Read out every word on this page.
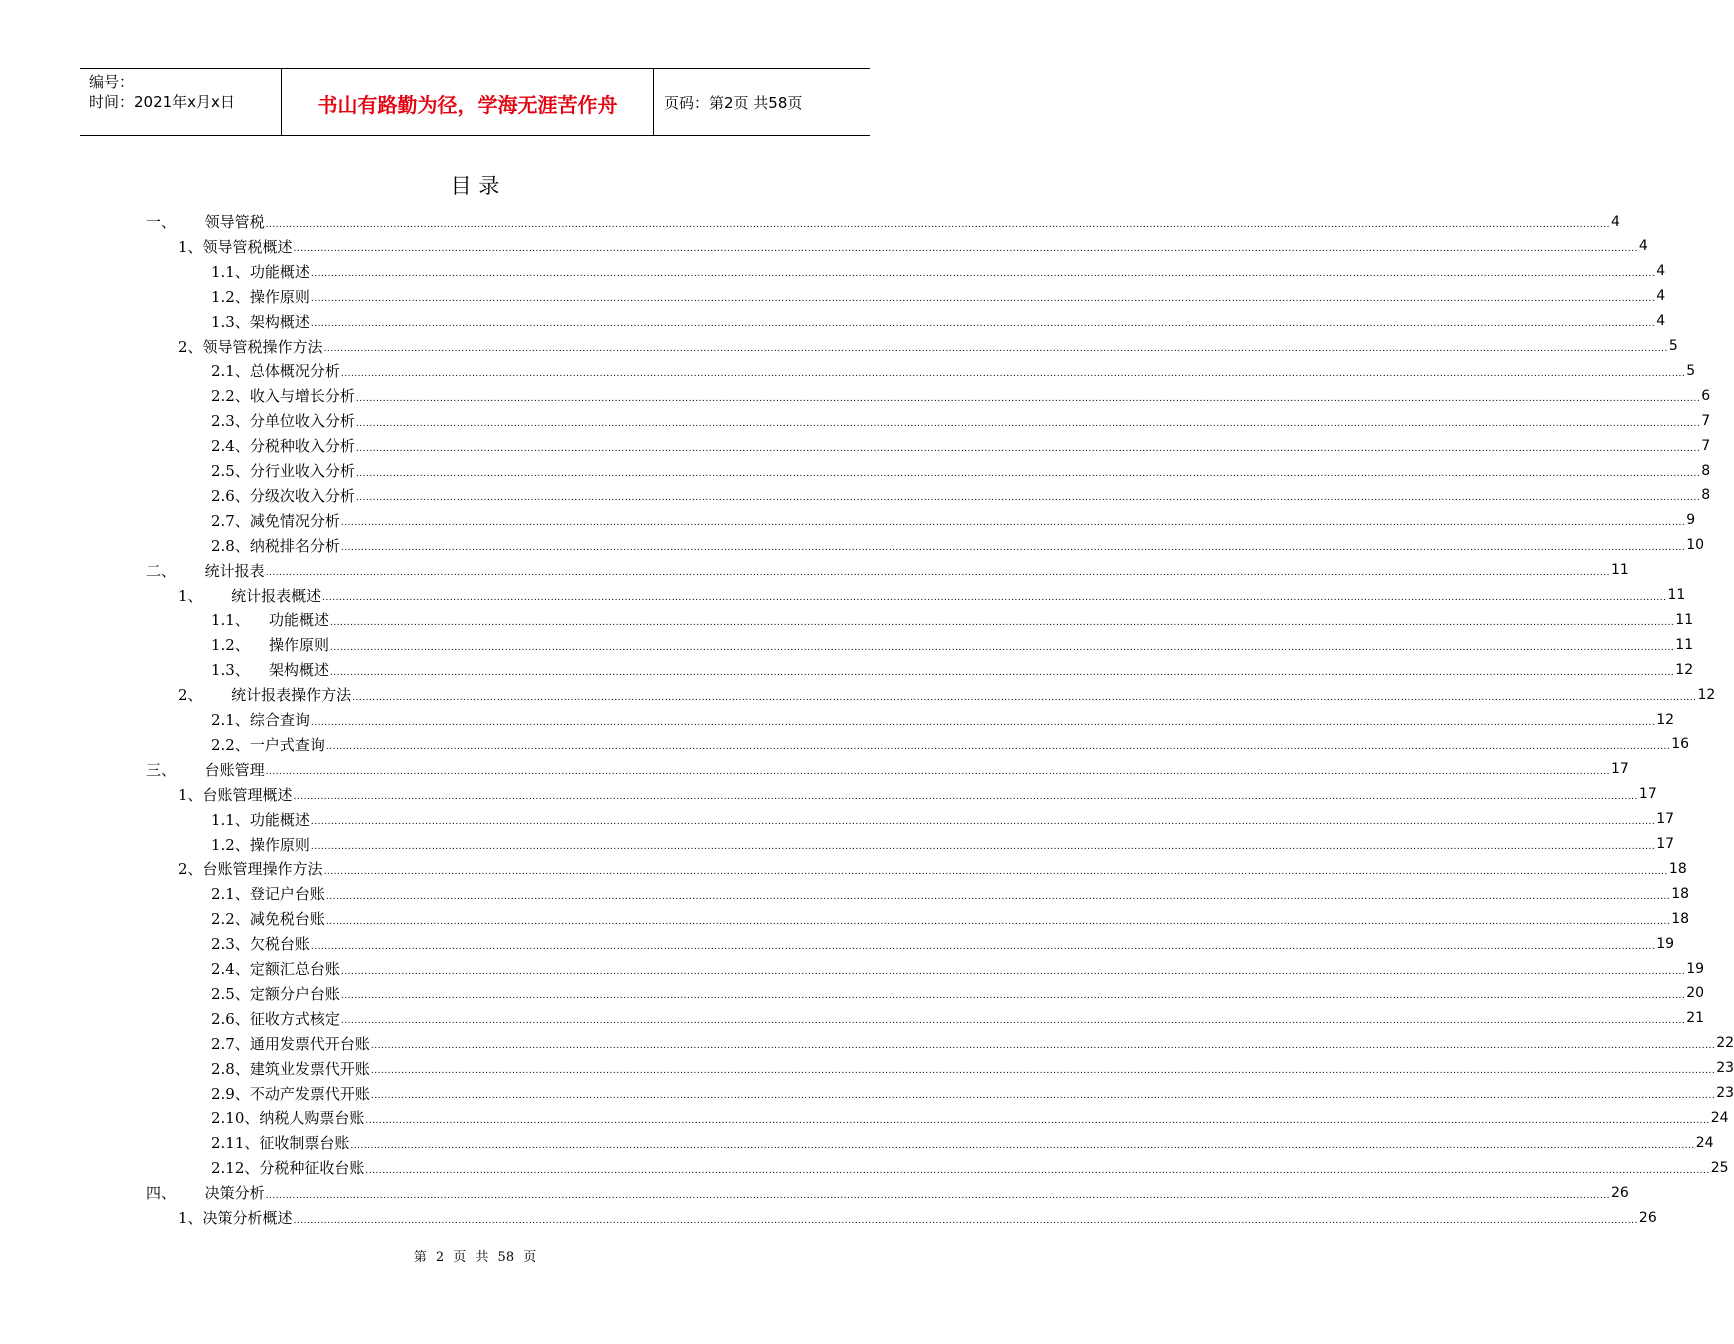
编号：
时间：2021年x月x日	书山有路勤为径，学海无涯苦作舟	页码：第2页 共58页
目 录
一、 领导管税 ................................................................................................................................................................................................................................................................................................................................................................................................................ 4
1、 领导管税概述 ................................................................................................................................................................................................................................................................................................................................................................................................................ 4
1.1、 功能概述 ................................................................................................................................................................................................................................................................................................................................................................................................................ 4
1.2、 操作原则 ................................................................................................................................................................................................................................................................................................................................................................................................................ 4
1.3、 架构概述 ................................................................................................................................................................................................................................................................................................................................................................................................................ 4
2、 领导管税操作方法 ................................................................................................................................................................................................................................................................................................................................................................................................................ 5
2.1、 总体概况分析 ................................................................................................................................................................................................................................................................................................................................................................................................................ 5
2.2、 收入与增长分析 ................................................................................................................................................................................................................................................................................................................................................................................................................ 6
2.3、 分单位收入分析 ................................................................................................................................................................................................................................................................................................................................................................................................................ 7
2.4、 分税种收入分析 ................................................................................................................................................................................................................................................................................................................................................................................................................ 7
2.5、 分行业收入分析 ................................................................................................................................................................................................................................................................................................................................................................................................................ 8
2.6、 分级次收入分析 ................................................................................................................................................................................................................................................................................................................................................................................................................ 8
2.7、 减免情况分析 ................................................................................................................................................................................................................................................................................................................................................................................................................ 9
2.8、 纳税排名分析 ................................................................................................................................................................................................................................................................................................................................................................................................................ 10
二、 统计报表 ................................................................................................................................................................................................................................................................................................................................................................................................................ 11
1、 统计报表概述 ................................................................................................................................................................................................................................................................................................................................................................................................................ 11
1.1、 功能概述 ................................................................................................................................................................................................................................................................................................................................................................................................................ 11
1.2、 操作原则 ................................................................................................................................................................................................................................................................................................................................................................................................................ 11
1.3、 架构概述 ................................................................................................................................................................................................................................................................................................................................................................................................................ 12
2、 统计报表操作方法 ................................................................................................................................................................................................................................................................................................................................................................................................................ 12
2.1、 综合查询 ................................................................................................................................................................................................................................................................................................................................................................................................................ 12
2.2、 一户式查询 ................................................................................................................................................................................................................................................................................................................................................................................................................ 16
三、 台账管理 ................................................................................................................................................................................................................................................................................................................................................................................................................ 17
1、 台账管理概述 ................................................................................................................................................................................................................................................................................................................................................................................................................ 17
1.1、 功能概述 ................................................................................................................................................................................................................................................................................................................................................................................................................ 17
1.2、 操作原则 ................................................................................................................................................................................................................................................................................................................................................................................................................ 17
2、 台账管理操作方法 ................................................................................................................................................................................................................................................................................................................................................................................................................ 18
2.1、 登记户台账 ................................................................................................................................................................................................................................................................................................................................................................................................................ 18
2.2、 减免税台账 ................................................................................................................................................................................................................................................................................................................................................................................................................ 18
2.3、 欠税台账 ................................................................................................................................................................................................................................................................................................................................................................................................................ 19
2.4、 定额汇总台账 ................................................................................................................................................................................................................................................................................................................................................................................................................ 19
2.5、 定额分户台账 ................................................................................................................................................................................................................................................................................................................................................................................................................ 20
2.6、 征收方式核定 ................................................................................................................................................................................................................................................................................................................................................................................................................ 21
2.7、 通用发票代开台账 ................................................................................................................................................................................................................................................................................................................................................................................................................ 22
2.8、 建筑业发票代开账 ................................................................................................................................................................................................................................................................................................................................................................................................................ 23
2.9、 不动产发票代开账 ................................................................................................................................................................................................................................................................................................................................................................................................................ 23
2.10、 纳税人购票台账 ................................................................................................................................................................................................................................................................................................................................................................................................................ 24
2.11、 征收制票台账 ................................................................................................................................................................................................................................................................................................................................................................................................................ 24
2.12、 分税种征收台账 ................................................................................................................................................................................................................................................................................................................................................................................................................ 25
四、 决策分析 ................................................................................................................................................................................................................................................................................................................................................................................................................ 26
1、 决策分析概述 ................................................................................................................................................................................................................................................................................................................................................................................................................ 26
第 2 页 共 58 页
